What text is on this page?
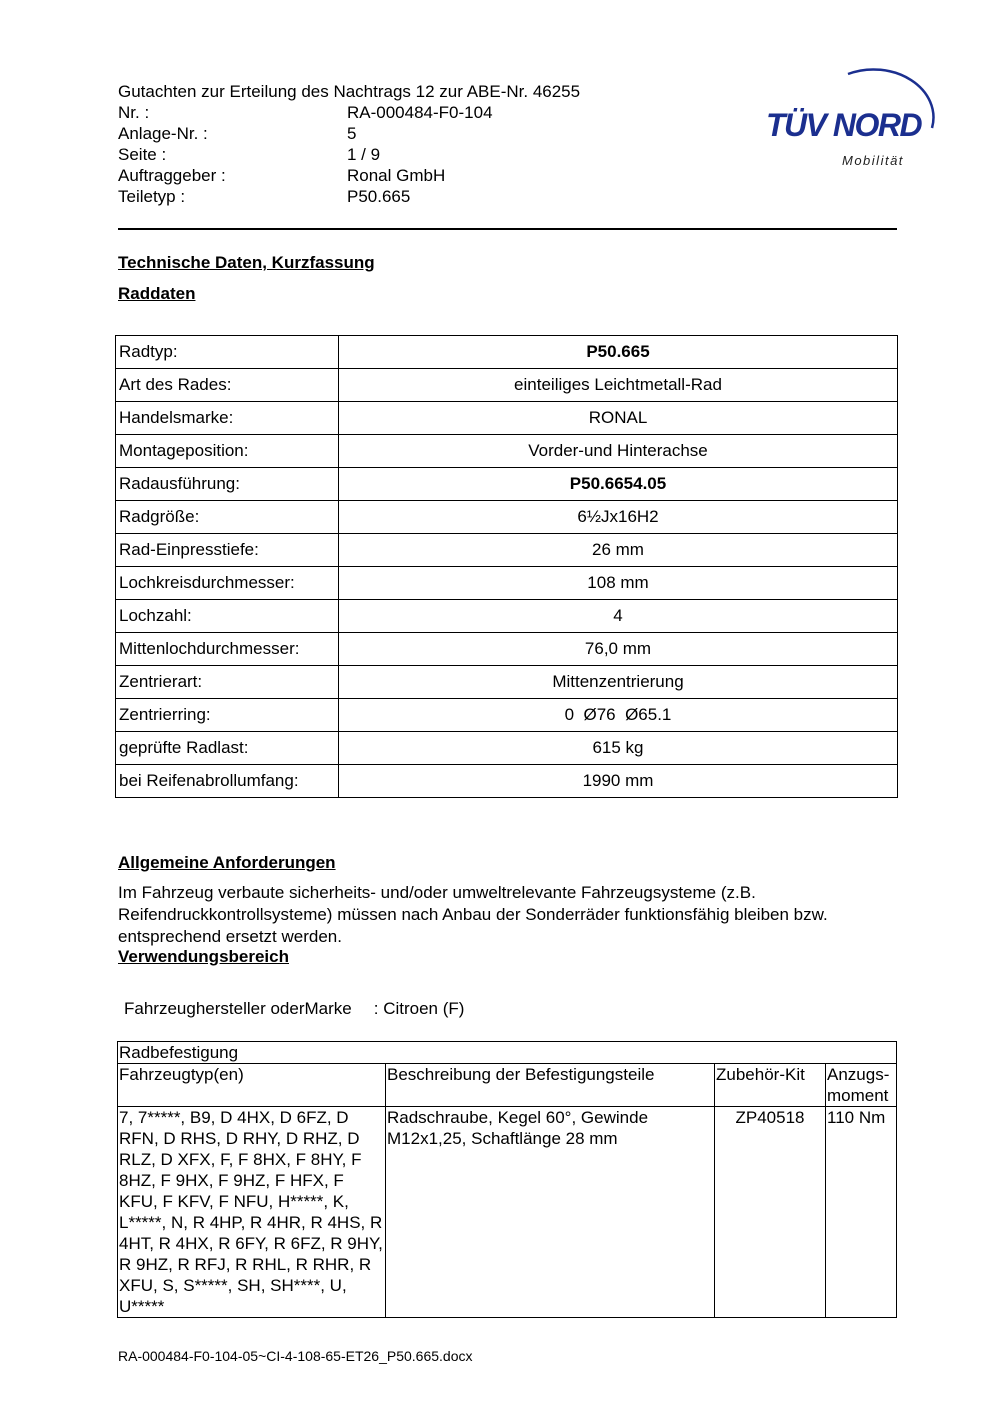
Gutachten zur Erteilung des Nachtrags 12 zur ABE-Nr. 46255
Nr. :	RA-000484-F0-104
Anlage-Nr. :	5
Seite :	1 / 9
Auftraggeber :	Ronal GmbH
Teiletyp :	P50.665
TÜV NORD
Mobilität
Technische Daten, Kurzfassung
Raddaten
Radtyp:	P50.665
Art des Rades:	einteiliges Leichtmetall-Rad
Handelsmarke:	RONAL
Montageposition:	Vorder-und Hinterachse
Radausführung:	P50.6654.05
Radgröße:	6½Jx16H2
Rad-Einpresstiefe:	26 mm
Lochkreisdurchmesser:	108 mm
Lochzahl:	4
Mittenlochdurchmesser:	76,0 mm
Zentrierart:	Mittenzentrierung
Zentrierring:	0  Ø76  Ø65.1
geprüfte Radlast:	615 kg
bei Reifenabrollumfang:	1990 mm
Allgemeine Anforderungen
Im Fahrzeug verbaute sicherheits- und/oder umweltrelevante Fahrzeugsysteme (z.B. Reifendruckkontrollsysteme) müssen nach Anbau der Sonderräder funktionsfähig bleiben bzw. entsprechend ersetzt werden.
Verwendungsbereich
Fahrzeughersteller oderMarke : Citroen (F)
Radbefestigung			
Fahrzeugtyp(en)	Beschreibung der Befestigungsteile	Zubehör-Kit	Anzugs-moment
7, 7*****, B9, D 4HX, D 6FZ, D RFN, D RHS, D RHY, D RHZ, D RLZ, D XFX, F, F 8HX, F 8HY, F 8HZ, F 9HX, F 9HZ, F HFX, F KFU, F KFV, F NFU, H*****, K, L*****, N, R 4HP, R 4HR, R 4HS, R 4HT, R 4HX, R 6FY, R 6FZ, R 9HY, R 9HZ, R RFJ, R RHL, R RHR, R XFU, S, S*****, SH, SH****, U, U*****	Radschraube, Kegel 60°, Gewinde M12x1,25, Schaftlänge 28 mm	ZP40518	110 Nm
RA-000484-F0-104-05~CI-4-108-65-ET26_P50.665.docx
